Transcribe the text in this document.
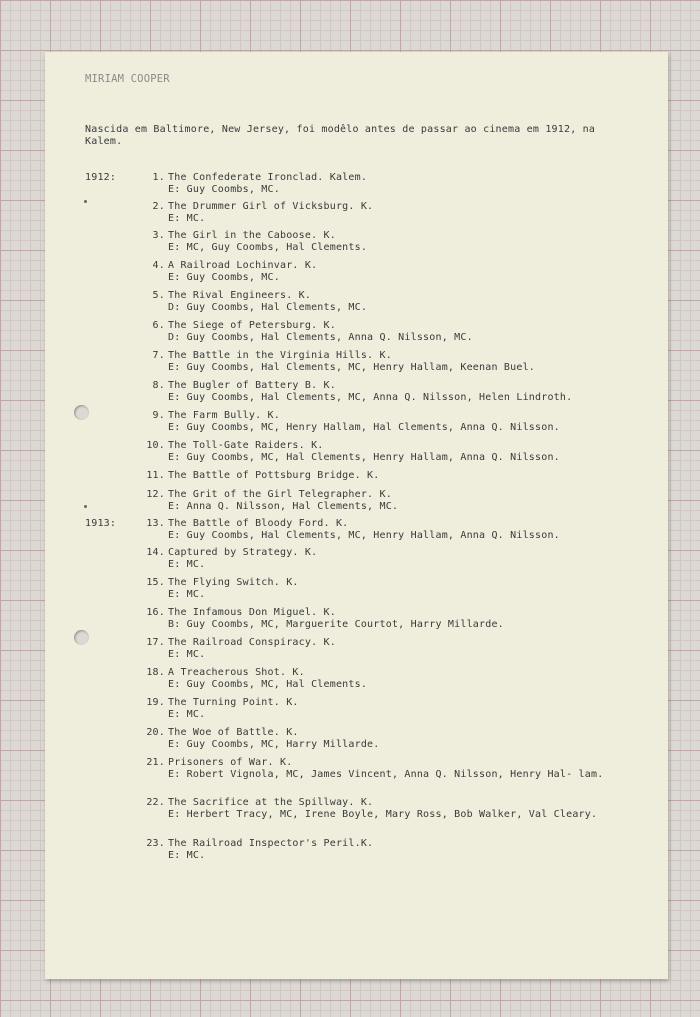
MIRIAM COOPER
Nascida em Baltimore, New Jersey, foi modêlo antes de passar ao cinema em 1912, na Kalem.
1912:	1. The Confederate Ironclad. Kalem.
E: Guy Coombs, MC.
2. The Drummer Girl of Vicksburg. K.
E: MC.
3. The Girl in the Caboose. K.
E: MC, Guy Coombs, Hal Clements.
4. A Railroad Lochinvar. K.
E: Guy Coombs, MC.
5. The Rival Engineers. K.
D: Guy Coombs, Hal Clements, MC.
6. The Siege of Petersburg. K.
D: Guy Coombs, Hal Clements, Anna Q. Nilsson, MC.
7. The Battle in the Virginia Hills. K.
E: Guy Coombs, Hal Clements, MC, Henry Hallam, Keenan Buel.
8. The Bugler of Battery B. K.
E: Guy Coombs, Hal Clements, MC, Anna Q. Nilsson, Helen Lindroth.
9. The Farm Bully. K.
E: Guy Coombs, MC, Henry Hallam, Hal Clements, Anna Q. Nilsson.
10. The Toll-Gate Raiders. K.
E: Guy Coombs, MC, Hal Clements, Henry Hallam, Anna Q. Nilsson.
11. The Battle of Pottsburg Bridge. K.
12. The Grit of the Girl Telegrapher. K.
E: Anna Q. Nilsson, Hal Clements, MC.
1913:	13. The Battle of Bloody Ford. K.
E: Guy Coombs, Hal Clements, MC, Henry Hallam, Anna Q. Nilsson.
14. Captured by Strategy. K.
E: MC.
15. The Flying Switch. K.
E: MC.
16. The Infamous Don Miguel. K.
B: Guy Coombs, MC, Marguerite Courtot, Harry Millarde.
17. The Railroad Conspiracy. K.
E: MC.
18. A Treacherous Shot. K.
E: Guy Coombs, MC, Hal Clements.
19. The Turning Point. K.
E: MC.
20. The Woe of Battle. K.
E: Guy Coombs, MC, Harry Millarde.
21. Prisoners of War. K.
E: Robert Vignola, MC, James Vincent, Anna Q. Nilsson, Henry Hal- lam.
22. The Sacrifice at the Spillway. K.
E: Herbert Tracy, MC, Irene Boyle, Mary Ross, Bob Walker, Val Cleary.
23. The Railroad Inspector's Peril.K.
E: MC.
